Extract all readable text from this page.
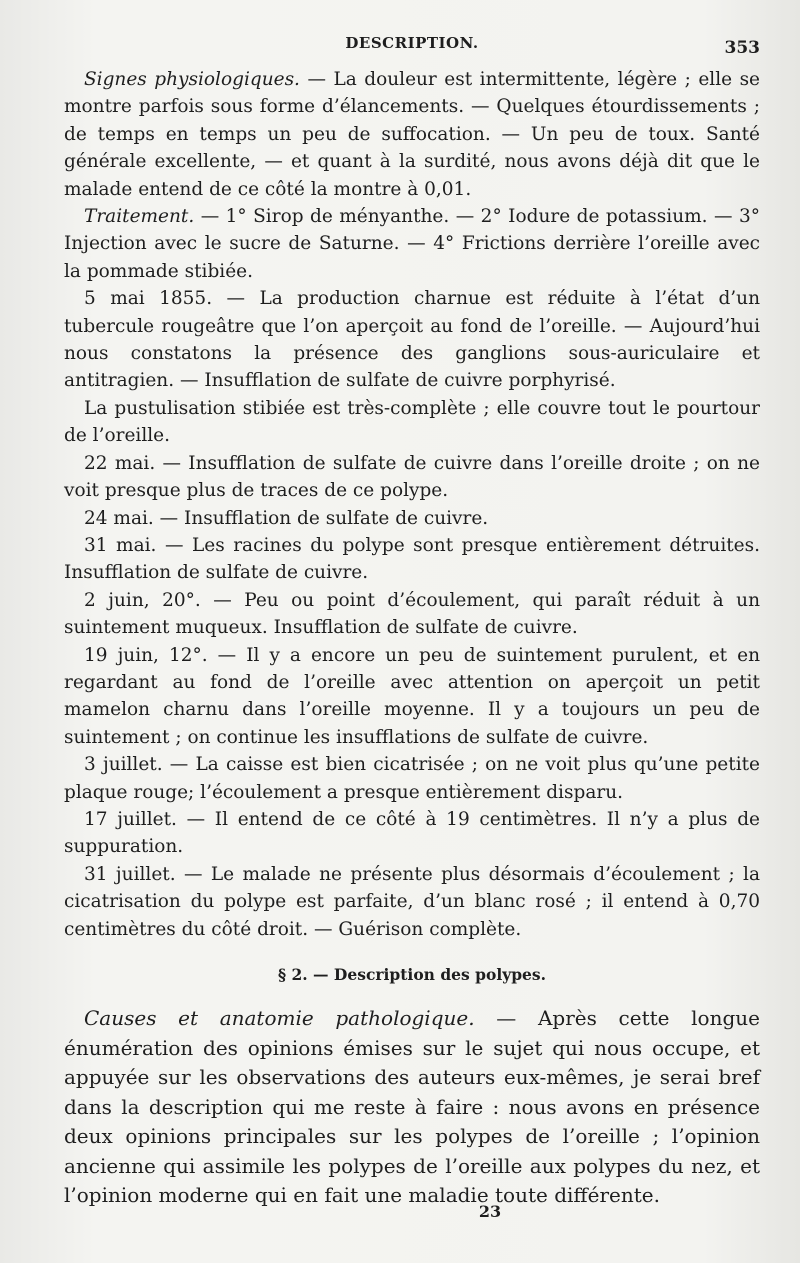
DESCRIPTION.	353

Signes physiologiques. — La douleur est intermittente, légère ; elle se montre parfois sous forme d’élancements. — Quelques étourdissements ; de temps en temps un peu de suffocation. — Un peu de toux. Santé générale excellente, — et quant à la surdité, nous avons déjà dit que le malade entend de ce côté la montre à 0,01.

Traitement. — 1° Sirop de ményanthe. — 2° Iodure de potassium. — 3° Injection avec le sucre de Saturne. — 4° Frictions derrière l’oreille avec la pommade stibiée.

5 mai 1855. — La production charnue est réduite à l’état d’un tubercule rougeâtre que l’on aperçoit au fond de l’oreille. — Aujourd’hui nous constatons la présence des ganglions sous-auriculaire et antitragien. — Insufflation de sulfate de cuivre porphyrisé.

La pustulisation stibiée est très-complète ; elle couvre tout le pourtour de l’oreille.

22 mai. — Insufflation de sulfate de cuivre dans l’oreille droite ; on ne voit presque plus de traces de ce polype.

24 mai. — Insufflation de sulfate de cuivre.

31 mai. — Les racines du polype sont presque entièrement détruites. Insufflation de sulfate de cuivre.

2 juin, 20°. — Peu ou point d’écoulement, qui paraît réduit à un suintement muqueux. Insufflation de sulfate de cuivre.

19 juin, 12°. — Il y a encore un peu de suintement purulent, et en regardant au fond de l’oreille avec attention on aperçoit un petit mamelon charnu dans l’oreille moyenne. Il y a toujours un peu de suintement ; on continue les insufflations de sulfate de cuivre.

3 juillet. — La caisse est bien cicatrisée ; on ne voit plus qu’une petite plaque rouge; l’écoulement a presque entièrement disparu.

17 juillet. — Il entend de ce côté à 19 centimètres. Il n’y a plus de suppuration.

31 juillet. — Le malade ne présente plus désormais d’écoulement ; la cicatrisation du polype est parfaite, d’un blanc rosé ; il entend à 0,70 centimètres du côté droit. — Guérison complète.

§ 2. — Description des polypes.

Causes et anatomie pathologique. — Après cette longue énumération des opinions émises sur le sujet qui nous occupe, et appuyée sur les observations des auteurs eux-mêmes, je serai bref dans la description qui me reste à faire : nous avons en présence deux opinions principales sur les polypes de l’oreille ; l’opinion ancienne qui assimile les polypes de l’oreille aux polypes du nez, et l’opinion moderne qui en fait une maladie toute différente.

23
